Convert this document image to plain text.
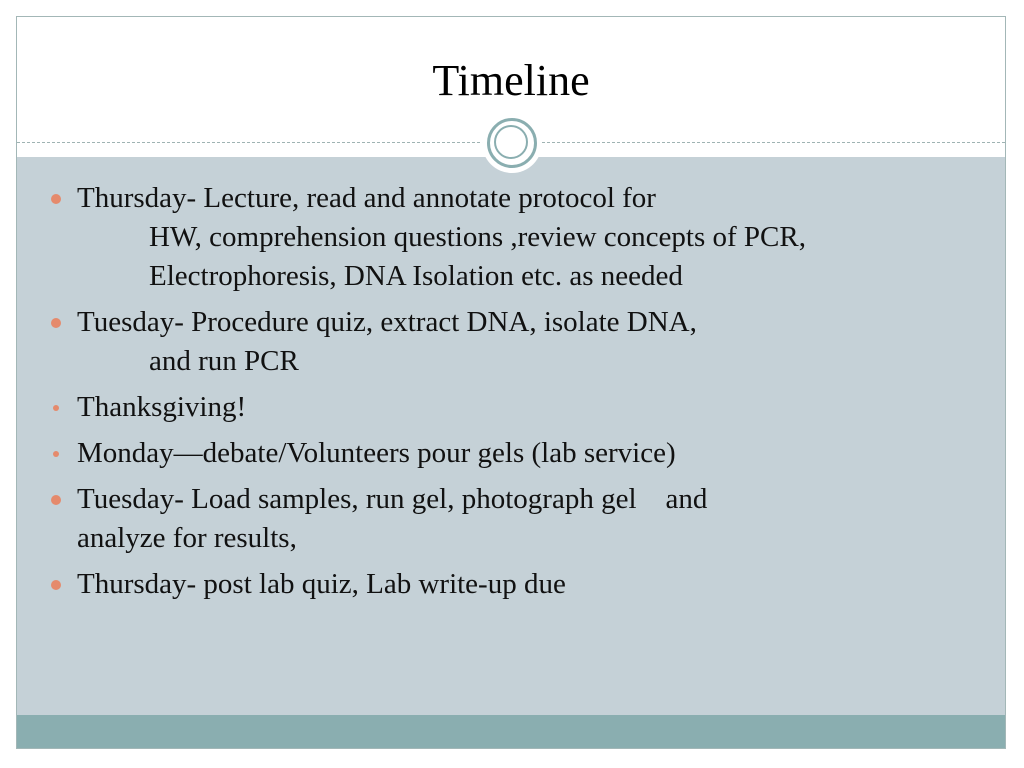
Timeline
Thursday- Lecture, read and annotate protocol for
HW, comprehension questions ,review concepts of PCR, Electrophoresis, DNA Isolation etc. as needed
Tuesday- Procedure quiz, extract DNA, isolate DNA,
and run PCR
Thanksgiving!
Monday—debate/Volunteers pour gels (lab service)
Tuesday- Load samples, run gel, photograph gel and
analyze for results,
Thursday- post lab quiz, Lab write-up due
